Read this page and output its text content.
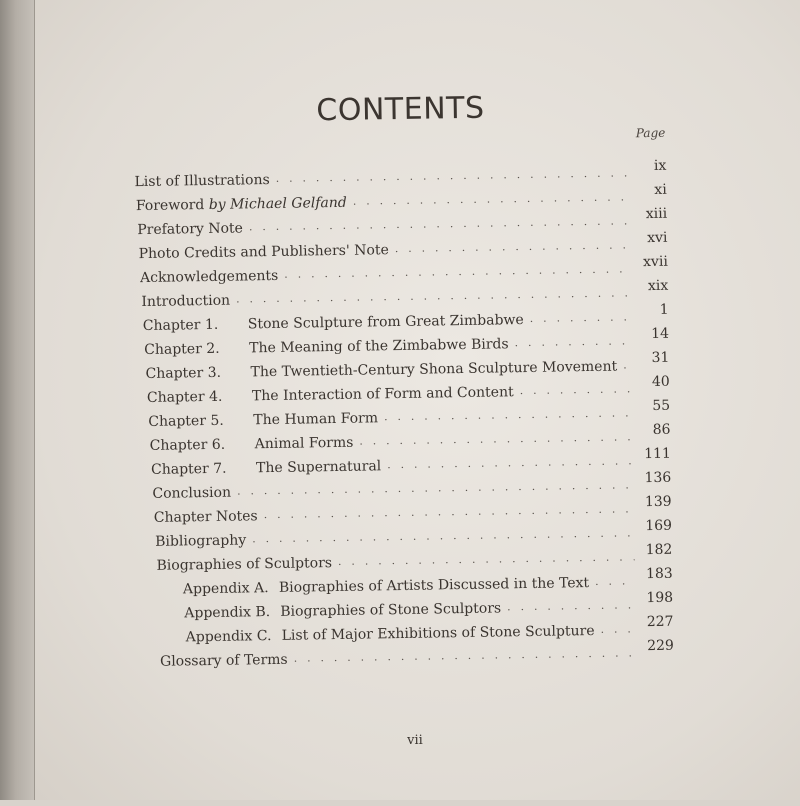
CONTENTS
Page
List of Illustrations
. . .
ix
Foreword by Michael Gelfand
. . .
xi
Prefatory Note
. . .
xiii
Photo Credits and Publishers' Note
. . .
xvi
Acknowledgements
. . .
xvii
Introduction
. . .
xix
Chapter 1. Stone Sculpture from Great Zimbabwe
. . .
1
Chapter 2. The Meaning of the Zimbabwe Birds
. . .
14
Chapter 3. The Twentieth-Century Shona Sculpture Movement
. . .
31
Chapter 4. The Interaction of Form and Content
. . .
40
Chapter 5. The Human Form
. . .
55
Chapter 6. Animal Forms
. . .
86
Chapter 7. The Supernatural
. . .
111
Conclusion
. . .
136
Chapter Notes
. . .
139
Bibliography
. . .
169
Biographies of Sculptors
. . .
182
Appendix A. Biographies of Artists Discussed in the Text
. . .
183
Appendix B. Biographies of Stone Sculptors
. . .
198
Appendix C. List of Major Exhibitions of Stone Sculpture
. . .
227
Glossary of Terms
. . .
229
vii
